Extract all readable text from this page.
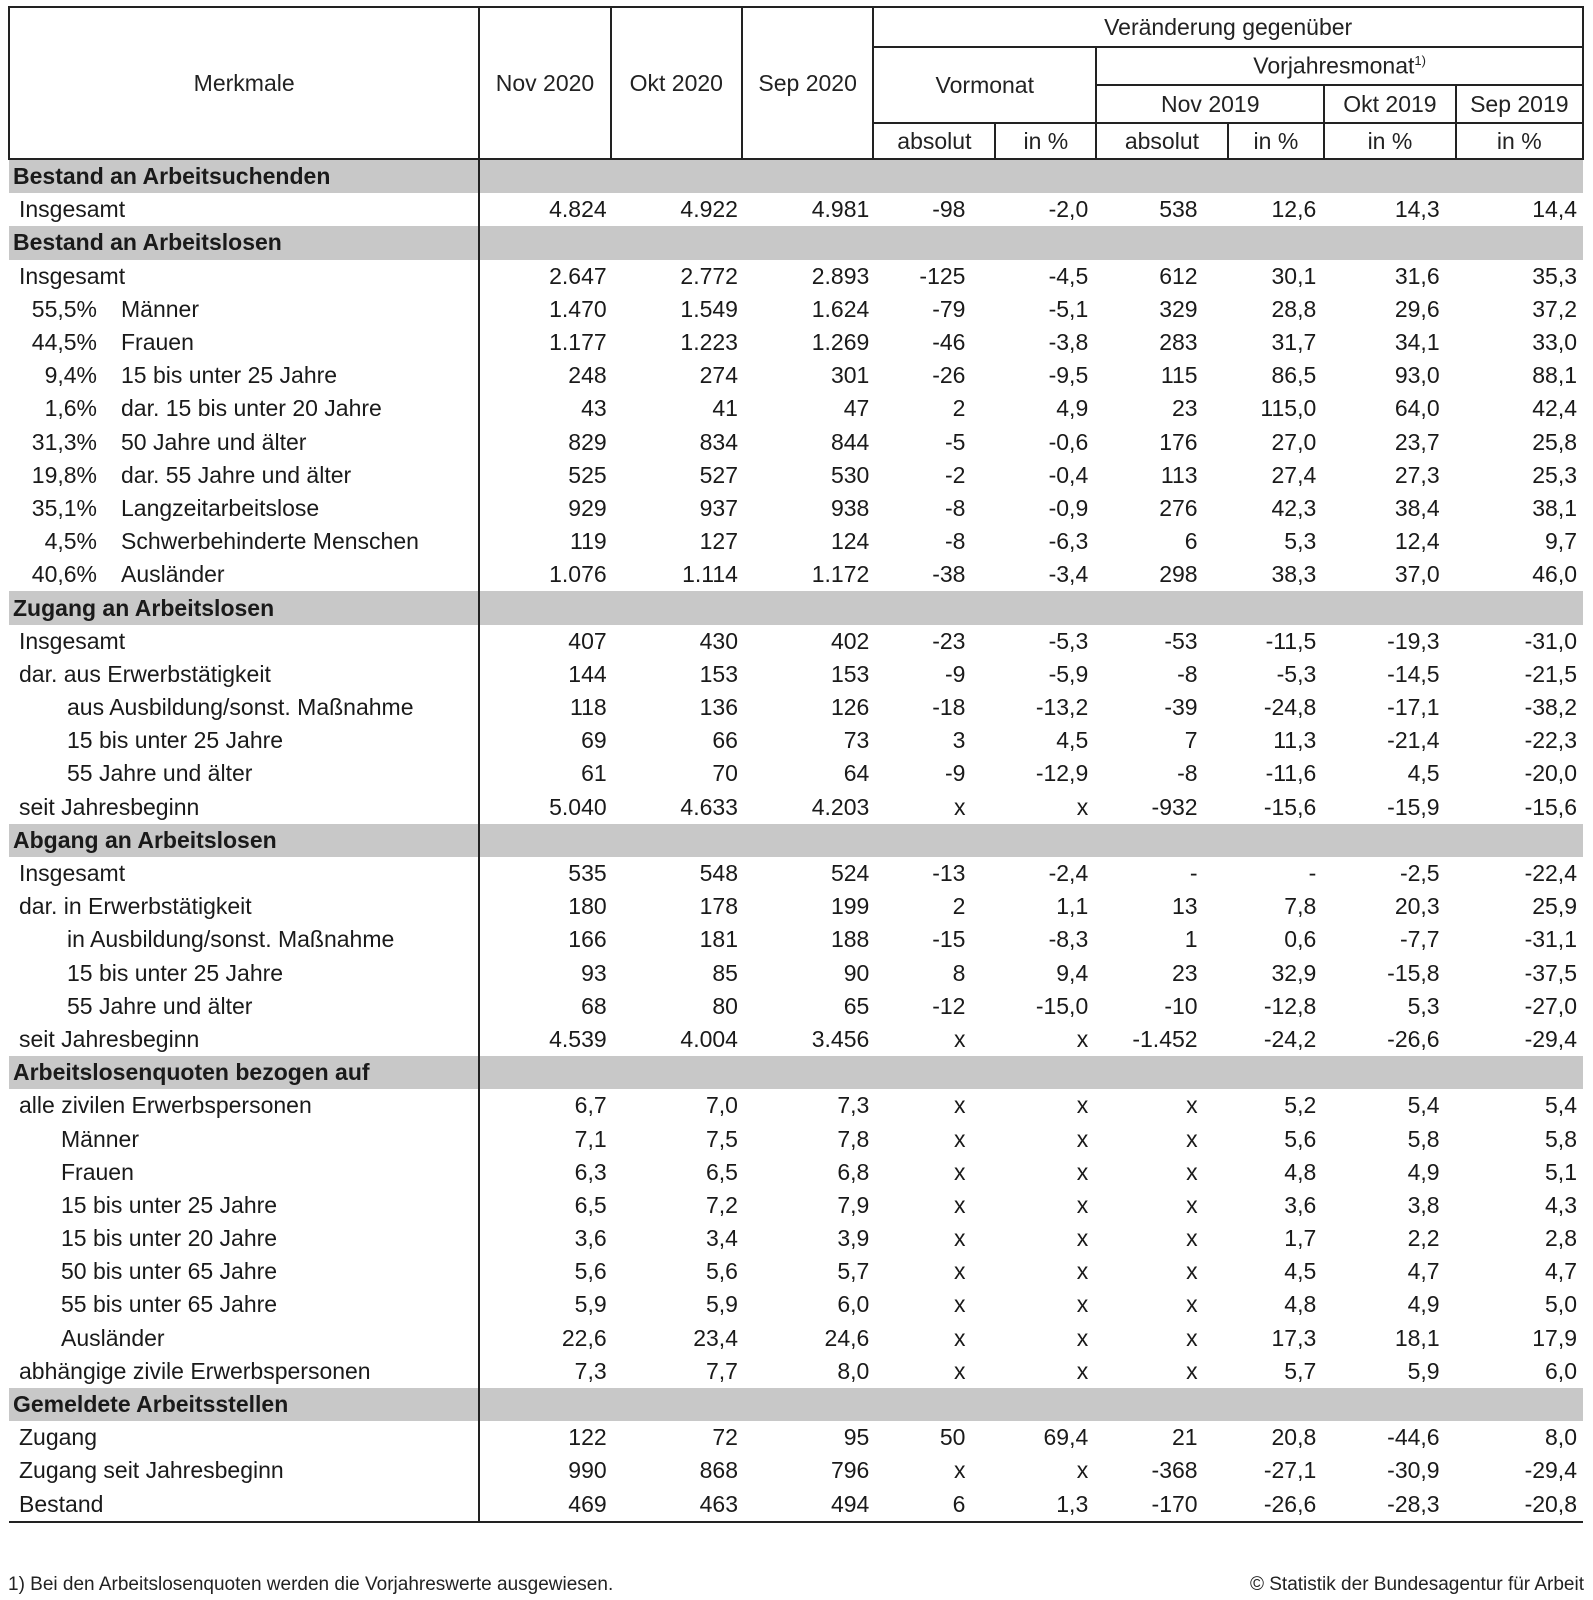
Merkmale	Nov 2020	Okt 2020	Sep 2020	Veränderung gegenüber					
				Vormonat		Vorjahresmonat$^{1)}$
						Nov 2019		Okt 2019	Sep 2019
				absolut	in %	absolut	in %	in %	in %
Bestand an Arbeitsuchenden									
Insgesamt	4.824	4.922	4.981	-98	-2,0	538	12,6	14,3	14,4
Bestand an Arbeitslosen									
Insgesamt	2.647	2.772	2.893	-125	-4,5	612	30,1	31,6	35,3
55,5% Männer	1.470	1.549	1.624	-79	-5,1	329	28,8	29,6	37,2
44,5% Frauen	1.177	1.223	1.269	-46	-3,8	283	31,7	34,1	33,0
9,4% 15 bis unter 25 Jahre	248	274	301	-26	-9,5	115	86,5	93,0	88,1
1,6% dar. 15 bis unter 20 Jahre	43	41	47	2	4,9	23	115,0	64,0	42,4
31,3% 50 Jahre und älter	829	834	844	-5	-0,6	176	27,0	23,7	25,8
19,8% dar. 55 Jahre und älter	525	527	530	-2	-0,4	113	27,4	27,3	25,3
35,1% Langzeitarbeitslose	929	937	938	-8	-0,9	276	42,3	38,4	38,1
4,5% Schwerbehinderte Menschen	119	127	124	-8	-6,3	6	5,3	12,4	9,7
40,6% Ausländer	1.076	1.114	1.172	-38	-3,4	298	38,3	37,0	46,0
Zugang an Arbeitslosen									
Insgesamt	407	430	402	-23	-5,3	-53	-11,5	-19,3	-31,0
dar. aus Erwerbstätigkeit	144	153	153	-9	-5,9	-8	-5,3	-14,5	-21,5
aus Ausbildung/sonst. Maßnahme	118	136	126	-18	-13,2	-39	-24,8	-17,1	-38,2
15 bis unter 25 Jahre	69	66	73	3	4,5	7	11,3	-21,4	-22,3
55 Jahre und älter	61	70	64	-9	-12,9	-8	-11,6	4,5	-20,0
seit Jahresbeginn	5.040	4.633	4.203	x	x	-932	-15,6	-15,9	-15,6
Abgang an Arbeitslosen									
Insgesamt	535	548	524	-13	-2,4	-	-	-2,5	-22,4
dar. in Erwerbstätigkeit	180	178	199	2	1,1	13	7,8	20,3	25,9
in Ausbildung/sonst. Maßnahme	166	181	188	-15	-8,3	1	0,6	-7,7	-31,1
15 bis unter 25 Jahre	93	85	90	8	9,4	23	32,9	-15,8	-37,5
55 Jahre und älter	68	80	65	-12	-15,0	-10	-12,8	5,3	-27,0
seit Jahresbeginn	4.539	4.004	3.456	x	x	-1.452	-24,2	-26,6	-29,4
Arbeitslosenquoten bezogen auf									
alle zivilen Erwerbspersonen	6,7	7,0	7,3	x	x	x	5,2	5,4	5,4
Männer	7,1	7,5	7,8	x	x	x	5,6	5,8	5,8
Frauen	6,3	6,5	6,8	x	x	x	4,8	4,9	5,1
15 bis unter 25 Jahre	6,5	7,2	7,9	x	x	x	3,6	3,8	4,3
15 bis unter 20 Jahre	3,6	3,4	3,9	x	x	x	1,7	2,2	2,8
50 bis unter 65 Jahre	5,6	5,6	5,7	x	x	x	4,5	4,7	4,7
55 bis unter 65 Jahre	5,9	5,9	6,0	x	x	x	4,8	4,9	5,0
Ausländer	22,6	23,4	24,6	x	x	x	17,3	18,1	17,9
abhängige zivile Erwerbspersonen	7,3	7,7	8,0	x	x	x	5,7	5,9	6,0
Gemeldete Arbeitsstellen									
Zugang	122	72	95	50	69,4	21	20,8	-44,6	8,0
Zugang seit Jahresbeginn	990	868	796	x	x	-368	-27,1	-30,9	-29,4
Bestand	469	463	494	6	1,3	-170	-26,6	-28,3	-20,8
1) Bei den Arbeitslosenquoten werden die Vorjahreswerte ausgewiesen.	© Statistik der Bundesagentur für Arbeit
